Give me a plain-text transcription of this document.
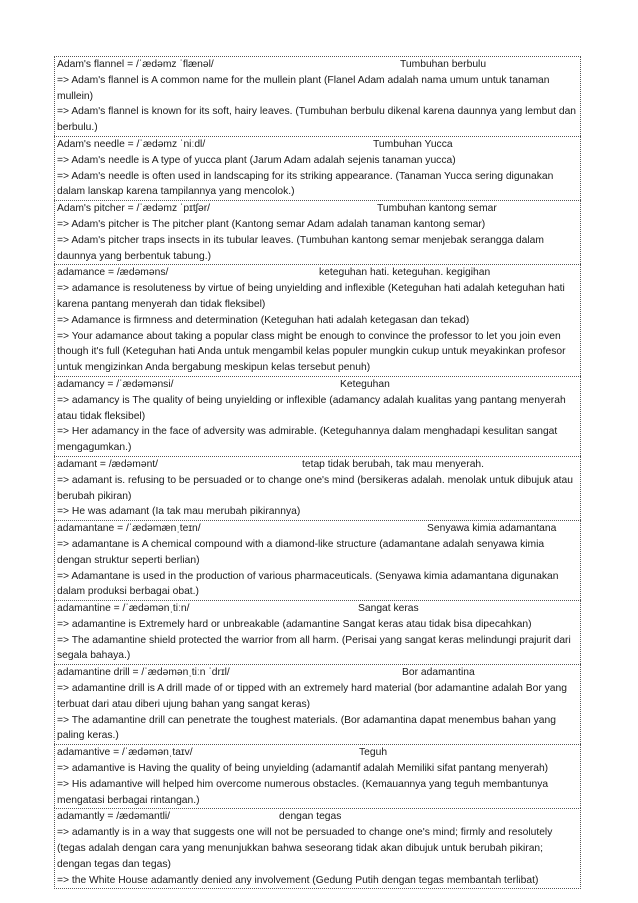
Adam's flannel = /ˈædəmz ˈflænəl/	Tumbuhan berbulu
=> Adam's flannel is A common name for the mullein plant (Flanel Adam adalah nama umum untuk tanaman mullein)
=> Adam's flannel is known for its soft, hairy leaves. (Tumbuhan berbulu dikenal karena daunnya yang lembut dan berbulu.)
Adam's needle = /ˈædəmz ˈniːdl/	Tumbuhan Yucca
=> Adam's needle is A type of yucca plant (Jarum Adam adalah sejenis tanaman yucca)
=> Adam's needle is often used in landscaping for its striking appearance. (Tanaman Yucca sering digunakan dalam lanskap karena tampilannya yang mencolok.)
Adam's pitcher = /ˈædəmz ˈpɪtʃər/	Tumbuhan kantong semar
=> Adam's pitcher is The pitcher plant (Kantong semar Adam adalah tanaman kantong semar)
=> Adam's pitcher traps insects in its tubular leaves. (Tumbuhan kantong semar menjebak serangga dalam daunnya yang berbentuk tabung.)
adamance = /ædəməns/	keteguhan hati. keteguhan. kegigihan
=> adamance is resoluteness by virtue of being unyielding and inflexible (Keteguhan hati adalah keteguhan hati karena pantang menyerah dan tidak fleksibel)
=> Adamance is firmness and determination (Keteguhan hati adalah ketegasan dan tekad)
=> Your adamance about taking a popular class might be enough to convince the professor to let you join even though it's full (Keteguhan hati Anda untuk mengambil kelas populer mungkin cukup untuk meyakinkan profesor untuk mengizinkan Anda bergabung meskipun kelas tersebut penuh)
adamancy = /ˈædəmənsi/	Keteguhan
=> adamancy is The quality of being unyielding or inflexible (adamancy adalah kualitas yang pantang menyerah atau tidak fleksibel)
=> Her adamancy in the face of adversity was admirable. (Keteguhannya dalam menghadapi kesulitan sangat mengagumkan.)
adamant = /ædəmənt/	tetap tidak berubah, tak mau menyerah.
=> adamant is. refusing to be persuaded or to change one's mind (bersikeras adalah. menolak untuk dibujuk atau berubah pikiran)
=> He was adamant (Ia tak mau merubah pikirannya)
adamantane = /ˈædəmænˌteɪn/	Senyawa kimia adamantana
=> adamantane is A chemical compound with a diamond-like structure (adamantane adalah senyawa kimia dengan struktur seperti berlian)
=> Adamantane is used in the production of various pharmaceuticals. (Senyawa kimia adamantana digunakan dalam produksi berbagai obat.)
adamantine = /ˈædəmənˌtiːn/	Sangat keras
=> adamantine is Extremely hard or unbreakable (adamantine Sangat keras atau tidak bisa dipecahkan)
=> The adamantine shield protected the warrior from all harm. (Perisai yang sangat keras melindungi prajurit dari segala bahaya.)
adamantine drill = /ˈædəmənˌtiːn ˈdrɪl/	Bor adamantina
=> adamantine drill is A drill made of or tipped with an extremely hard material (bor adamantine adalah Bor yang terbuat dari atau diberi ujung bahan yang sangat keras)
=> The adamantine drill can penetrate the toughest materials. (Bor adamantina dapat menembus bahan yang paling keras.)
adamantive = /ˈædəmənˌtaɪv/	Teguh
=> adamantive is Having the quality of being unyielding (adamantif adalah Memiliki sifat pantang menyerah)
=> His adamantive will helped him overcome numerous obstacles. (Kemauannya yang teguh membantunya mengatasi berbagai rintangan.)
adamantly = /ædəmantli/	dengan tegas
=> adamantly is in a way that suggests one will not be persuaded to change one's mind; firmly and resolutely (tegas adalah dengan cara yang menunjukkan bahwa seseorang tidak akan dibujuk untuk berubah pikiran; dengan tegas dan tegas)
=> the White House adamantly denied any involvement (Gedung Putih dengan tegas membantah terlibat)
